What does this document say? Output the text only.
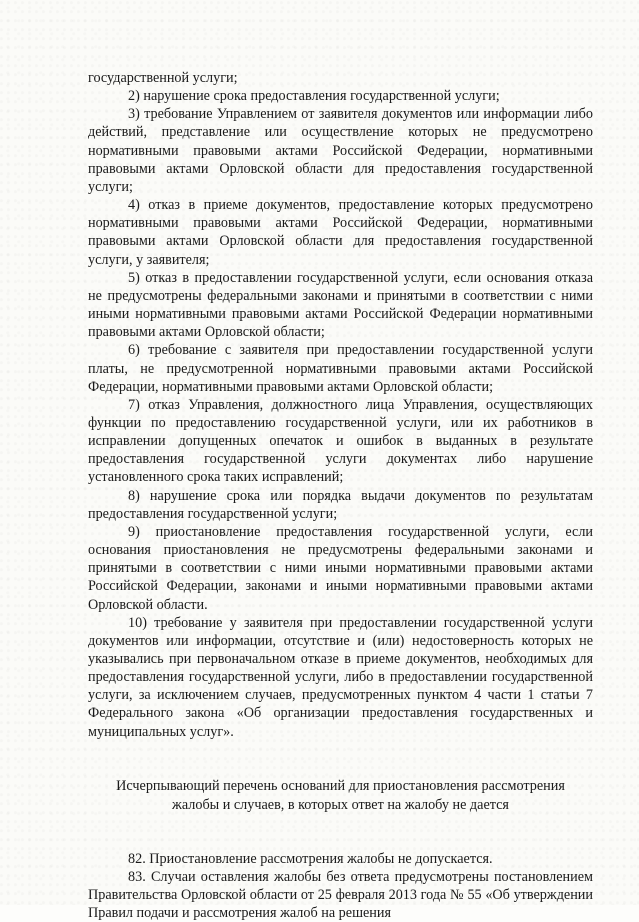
государственной услуги;

2) нарушение срока предоставления государственной услуги;

3) требование Управлением от заявителя документов или информации либо действий, представление или осуществление которых не предусмотрено нормативными правовыми актами Российской Федерации, нормативными правовыми актами Орловской области для предоставления государственной услуги;

4) отказ в приеме документов, предоставление которых предусмотрено нормативными правовыми актами Российской Федерации, нормативными правовыми актами Орловской области для предоставления государственной услуги, у заявителя;

5) отказ в предоставлении государственной услуги, если основания отказа не предусмотрены федеральными законами и принятыми в соответствии с ними иными нормативными правовыми актами Российской Федерации нормативными правовыми актами Орловской области;

6) требование с заявителя при предоставлении государственной услуги платы, не предусмотренной нормативными правовыми актами Российской Федерации, нормативными правовыми актами Орловской области;

7) отказ Управления, должностного лица Управления, осуществляющих функции по предоставлению государственной услуги, или их работников в исправлении допущенных опечаток и ошибок в выданных в результате предоставления государственной услуги документах либо нарушение установленного срока таких исправлений;

8) нарушение срока или порядка выдачи документов по результатам предоставления государственной услуги;

9) приостановление предоставления государственной услуги, если основания приостановления не предусмотрены федеральными законами и принятыми в соответствии с ними иными нормативными правовыми актами Российской Федерации, законами и иными нормативными правовыми актами Орловской области.

10) требование у заявителя при предоставлении государственной услуги документов или информации, отсутствие и (или) недостоверность которых не указывались при первоначальном отказе в приеме документов, необходимых для предоставления государственной услуги, либо в предоставлении государственной услуги, за исключением случаев, предусмотренных пунктом 4 части 1 статьи 7 Федерального закона «Об организации предоставления государственных и муниципальных услуг».

Исчерпывающий перечень оснований для приостановления рассмотрения
жалобы и случаев, в которых ответ на жалобу не дается

82. Приостановление рассмотрения жалобы не допускается.

83. Случаи оставления жалобы без ответа предусмотрены постановлением Правительства Орловской области от 25 февраля 2013 года № 55 «Об утверждении Правил подачи и рассмотрения жалоб на решения
